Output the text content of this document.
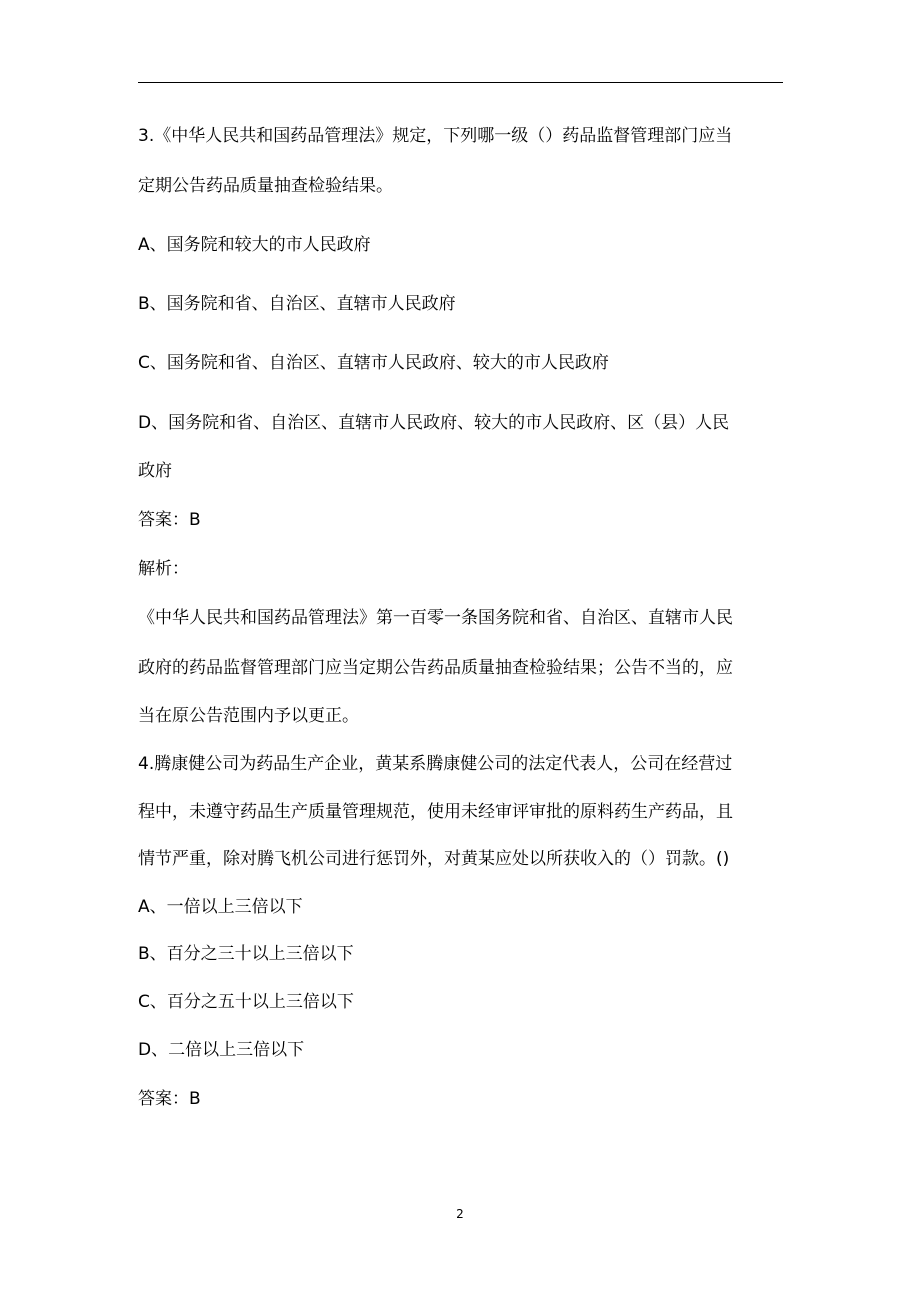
3.《中华人民共和国药品管理法》规定，下列哪一级（）药品监督管理部门应当
定期公告药品质量抽查检验结果。
A、国务院和较大的市人民政府
B、国务院和省、自治区、直辖市人民政府
C、国务院和省、自治区、直辖市人民政府、较大的市人民政府
D、国务院和省、自治区、直辖市人民政府、较大的市人民政府、区（县）人民
政府
答案：B
解析：
《中华人民共和国药品管理法》第一百零一条国务院和省、自治区、直辖市人民
政府的药品监督管理部门应当定期公告药品质量抽查检验结果；公告不当的，应
当在原公告范围内予以更正。
4.腾康健公司为药品生产企业，黄某系腾康健公司的法定代表人，公司在经营过
程中，未遵守药品生产质量管理规范，使用未经审评审批的原料药生产药品，且
情节严重，除对腾飞机公司进行惩罚外，对黄某应处以所获收入的（）罚款。()
A、一倍以上三倍以下
B、百分之三十以上三倍以下
C、百分之五十以上三倍以下
D、二倍以上三倍以下
答案：B
2
